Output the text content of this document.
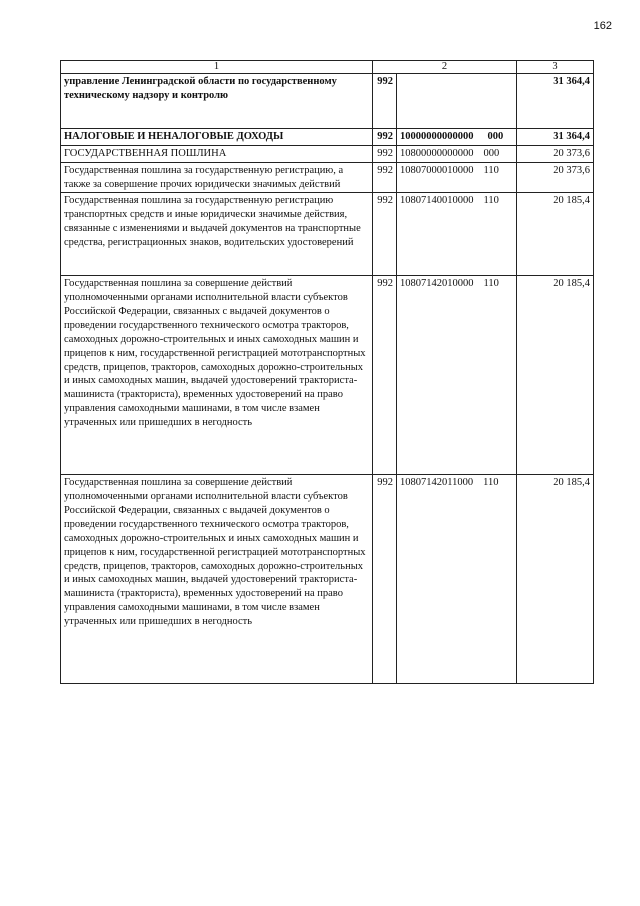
162
1	2		3
управление Ленинградской области по государственному техническому надзору и контролю	992		31 364,4
НАЛОГОВЫЕ И НЕНАЛОГОВЫЕ ДОХОДЫ	992	10000000000000 000	31 364,4
ГОСУДАРСТВЕННАЯ ПОШЛИНА	992	10800000000000 000	20 373,6
Государственная пошлина за государственную регистрацию, а также за совершение прочих юридически значимых действий	992	10807000010000 110	20 373,6
Государственная пошлина за государственную регистрацию транспортных средств и иные юридически значимые действия, связанные с изменениями и выдачей документов на транспортные средства, регистрационных знаков, водительских удостоверений	992	10807140010000 110	20 185,4
Государственная пошлина за совершение действий уполномоченными органами исполнительной власти субъектов Российской Федерации, связанных с выдачей документов о проведении государственного технического осмотра тракторов, самоходных дорожно-строительных и иных самоходных машин и прицепов к ним, государственной регистрацией мототранспортных средств, прицепов, тракторов, самоходных дорожно-строительных и иных самоходных машин, выдачей удостоверений тракториста-машиниста (тракториста), временных удостоверений на право управления самоходными машинами, в том числе взамен утраченных или пришедших в негодность	992	10807142010000 110	20 185,4
Государственная пошлина за совершение действий уполномоченными органами исполнительной власти субъектов Российской Федерации, связанных с выдачей документов о проведении государственного технического осмотра тракторов, самоходных дорожно-строительных и иных самоходных машин и прицепов к ним, государственной регистрацией мототранспортных средств, прицепов, тракторов, самоходных дорожно-строительных и иных самоходных машин, выдачей удостоверений тракториста-машиниста (тракториста), временных удостоверений на право управления самоходными машинами, в том числе взамен утраченных или пришедших в негодность	992	10807142011000 110	20 185,4
